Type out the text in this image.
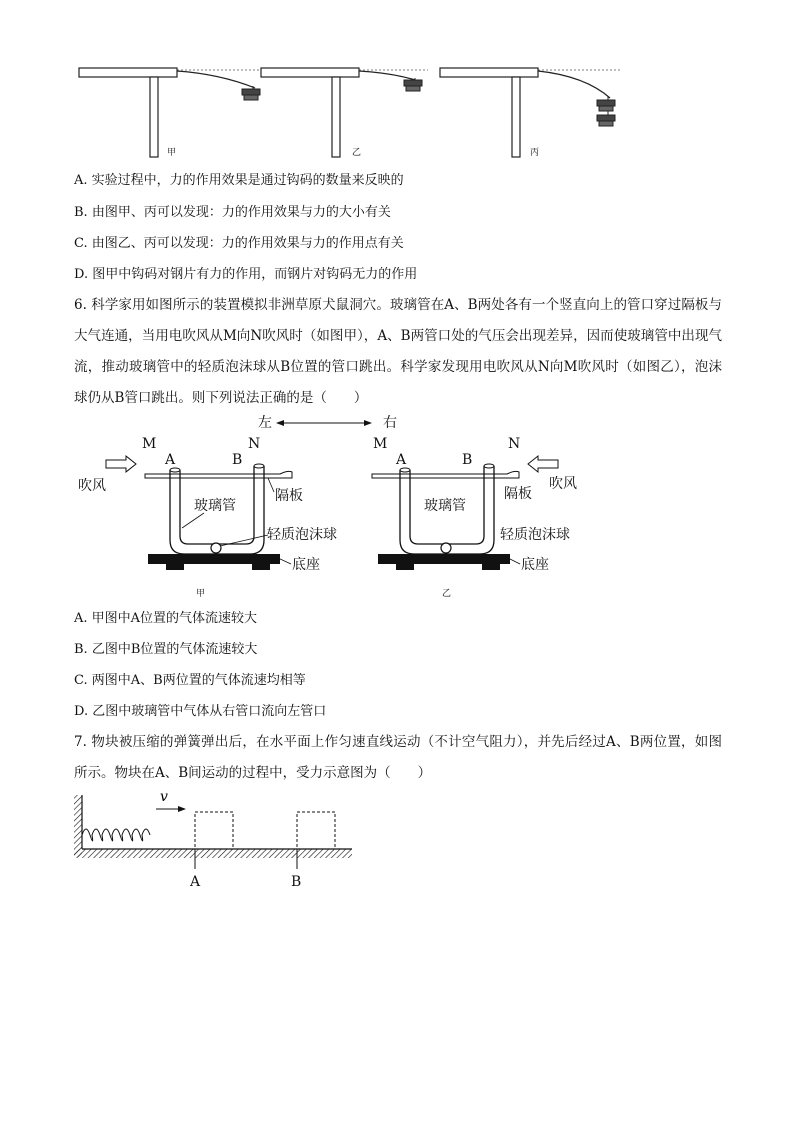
甲	乙	丙
A. 实验过程中，力的作用效果是通过钩码的数量来反映的
B. 由图甲、丙可以发现：力的作用效果与力的大小有关
C. 由图乙、丙可以发现：力的作用效果与力的作用点有关
D. 图甲中钩码对钢片有力的作用，而钢片对钩码无力的作用
6. 科学家用如图所示的装置模拟非洲草原犬鼠洞穴。玻璃管在A、B两处各有一个竖直向上的管口穿过隔板与大气连通，当用电吹风从M向N吹风时（如图甲），A、B两管口处的气压会出现差异，因而使玻璃管中出现气流，推动玻璃管中的轻质泡沫球从B位置的管口跳出。科学家发现用电吹风从N向M吹风时（如图乙），泡沫球仍从B管口跳出。则下列说法正确的是（　　）
左	右
M	N
A	B
吹风
玻璃管
隔板
轻质泡沫球
底座
甲
M	N
A	B
吹风
玻璃管
隔板
轻质泡沫球
底座
乙
A. 甲图中A位置的气体流速较大
B. 乙图中B位置的气体流速较大
C. 两图中A、B两位置的气体流速均相等
D. 乙图中玻璃管中气体从右管口流向左管口
7. 物块被压缩的弹簧弹出后，在水平面上作匀速直线运动（不计空气阻力），并先后经过A、B两位置，如图所示。物块在A、B间运动的过程中，受力示意图为（　　）
v
A	B
